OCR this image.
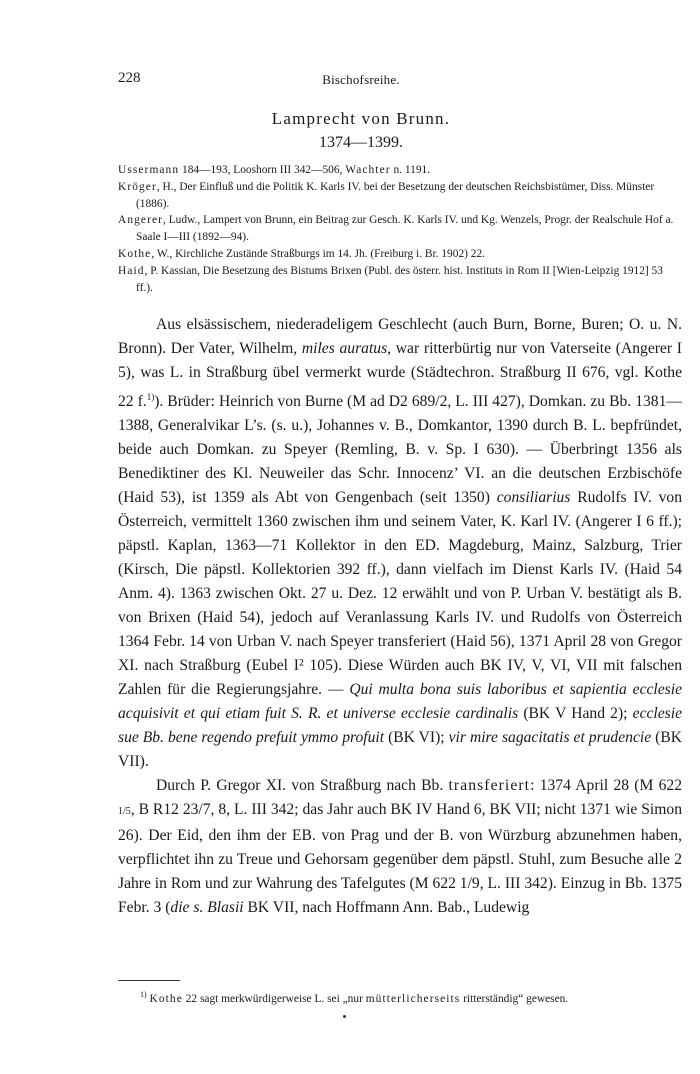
228	Bischofsreihe.
Lamprecht von Brunn.
1374—1399.
Ussermann 184—193, Looshorn III 342—506, Wachter n. 1191.
Kröger, H., Der Einfluß und die Politik K. Karls IV. bei der Besetzung der deutschen Reichsbistümer, Diss. Münster (1886).
Angerer, Ludw., Lampert von Brunn, ein Beitrag zur Gesch. K. Karls IV. und Kg. Wenzels, Progr. der Realschule Hof a. Saale I—III (1892—94).
Kothe, W., Kirchliche Zustände Straßburgs im 14. Jh. (Freiburg i. Br. 1902) 22.
Haid, P. Kassian, Die Besetzung des Bistums Brixen (Publ. des österr. hist. Instituts in Rom II [Wien-Leipzig 1912] 53 ff.).

Aus elsässischem, niederadeligem Geschlecht (auch Burn, Borne, Buren; O. u. N. Bronn). Der Vater, Wilhelm, miles auratus, war ritterbürtig nur von Vaterseite (Angerer I 5), was L. in Straßburg übel vermerkt wurde (Städtechron. Straßburg II 676, vgl. Kothe 22 f.$^{1)}$). Brüder: Heinrich von Burne (M ad D2 689/2, L. III 427), Domkan. zu Bb. 1381—1388, Generalvikar L’s. (s. u.), Johannes v. B., Domkantor, 1390 durch B. L. bepfründet, beide auch Domkan. zu Speyer (Remling, B. v. Sp. I 630). — Überbringt 1356 als Benediktiner des Kl. Neuweiler das Schr. Innocenz’ VI. an die deutschen Erzbischöfe (Haid 53), ist 1359 als Abt von Gengenbach (seit 1350) consiliarius Rudolfs IV. von Österreich, vermittelt 1360 zwischen ihm und seinem Vater, K. Karl IV. (Angerer I 6 ff.); päpstl. Kaplan, 1363—71 Kollektor in den ED. Magdeburg, Mainz, Salzburg, Trier (Kirsch, Die päpstl. Kollektorien 392 ff.), dann vielfach im Dienst Karls IV. (Haid 54 Anm. 4). 1363 zwischen Okt. 27 u. Dez. 12 erwählt und von P. Urban V. bestätigt als B. von Brixen (Haid 54), jedoch auf Veranlassung Karls IV. und Rudolfs von Österreich 1364 Febr. 14 von Urban V. nach Speyer transferiert (Haid 56), 1371 April 28 von Gregor XI. nach Straßburg (Eubel I² 105). Diese Würden auch BK IV, V, VI, VII mit falschen Zahlen für die Regierungsjahre. — Qui multa bona suis laboribus et sapientia ecclesie acquisivit et qui etiam fuit S. R. et universe ecclesie cardinalis (BK V Hand 2); ecclesie sue Bb. bene regendo prefuit ymmo profuit (BK VI); vir mire sagacitatis et prudencie (BK VII).

Durch P. Gregor XI. von Straßburg nach Bb. transferiert: 1374 April 28 (M 622 1/5, B R12 23/7, 8, L. III 342; das Jahr auch BK IV Hand 6, BK VII; nicht 1371 wie Simon 26). Der Eid, den ihm der EB. von Prag und der B. von Würzburg abzunehmen haben, verpflichtet ihn zu Treue und Gehorsam gegenüber dem päpstl. Stuhl, zum Besuche alle 2 Jahre in Rom und zur Wahrung des Tafelgutes (M 622 1/9, L. III 342). Einzug in Bb. 1375 Febr. 3 (die s. Blasii BK VII, nach Hoffmann Ann. Bab., Ludewig

$^{1)}$ Kothe 22 sagt merkwürdigerweise L. sei „nur mütterlicherseits ritterständig“ gewesen.
